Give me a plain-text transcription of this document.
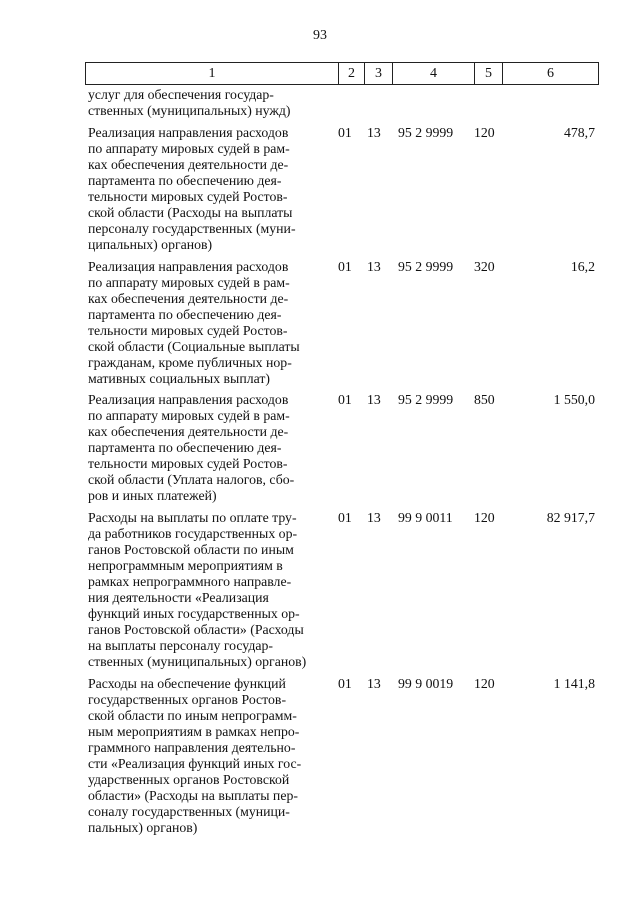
93
1	2	3	4	5	6
услуг для обеспечения государ-
ственных (муниципальных) нужд)
Реализация направления расходов
по аппарату мировых судей в рам-
ках обеспечения деятельности де-
партамента по обеспечению дея-
тельности мировых судей Ростов-
ской области (Расходы на выплаты
персоналу государственных (муни-
ципальных) органов)
01	13	95 2 9999	120	478,7
Реализация направления расходов
по аппарату мировых судей в рам-
ках обеспечения деятельности де-
партамента по обеспечению дея-
тельности мировых судей Ростов-
ской области (Социальные выплаты
гражданам, кроме публичных нор-
мативных социальных выплат)
01	13	95 2 9999	320	16,2
Реализация направления расходов
по аппарату мировых судей в рам-
ках обеспечения деятельности де-
партамента по обеспечению дея-
тельности мировых судей Ростов-
ской области (Уплата налогов, сбо-
ров и иных платежей)
01	13	95 2 9999	850	1 550,0
Расходы на выплаты по оплате тру-
да работников государственных ор-
ганов Ростовской области по иным
непрограммным мероприятиям в
рамках непрограммного направле-
ния деятельности «Реализация
функций иных государственных ор-
ганов Ростовской области» (Расходы
на выплаты персоналу государ-
ственных (муниципальных) органов)
01	13	99 9 0011	120	82 917,7
Расходы на обеспечение функций
государственных органов Ростов-
ской области по иным непрограмм-
ным мероприятиям в рамках непро-
граммного направления деятельно-
сти «Реализация функций иных гос-
ударственных органов Ростовской
области» (Расходы на выплаты пер-
соналу государственных (муници-
пальных) органов)
01	13	99 9 0019	120	1 141,8
